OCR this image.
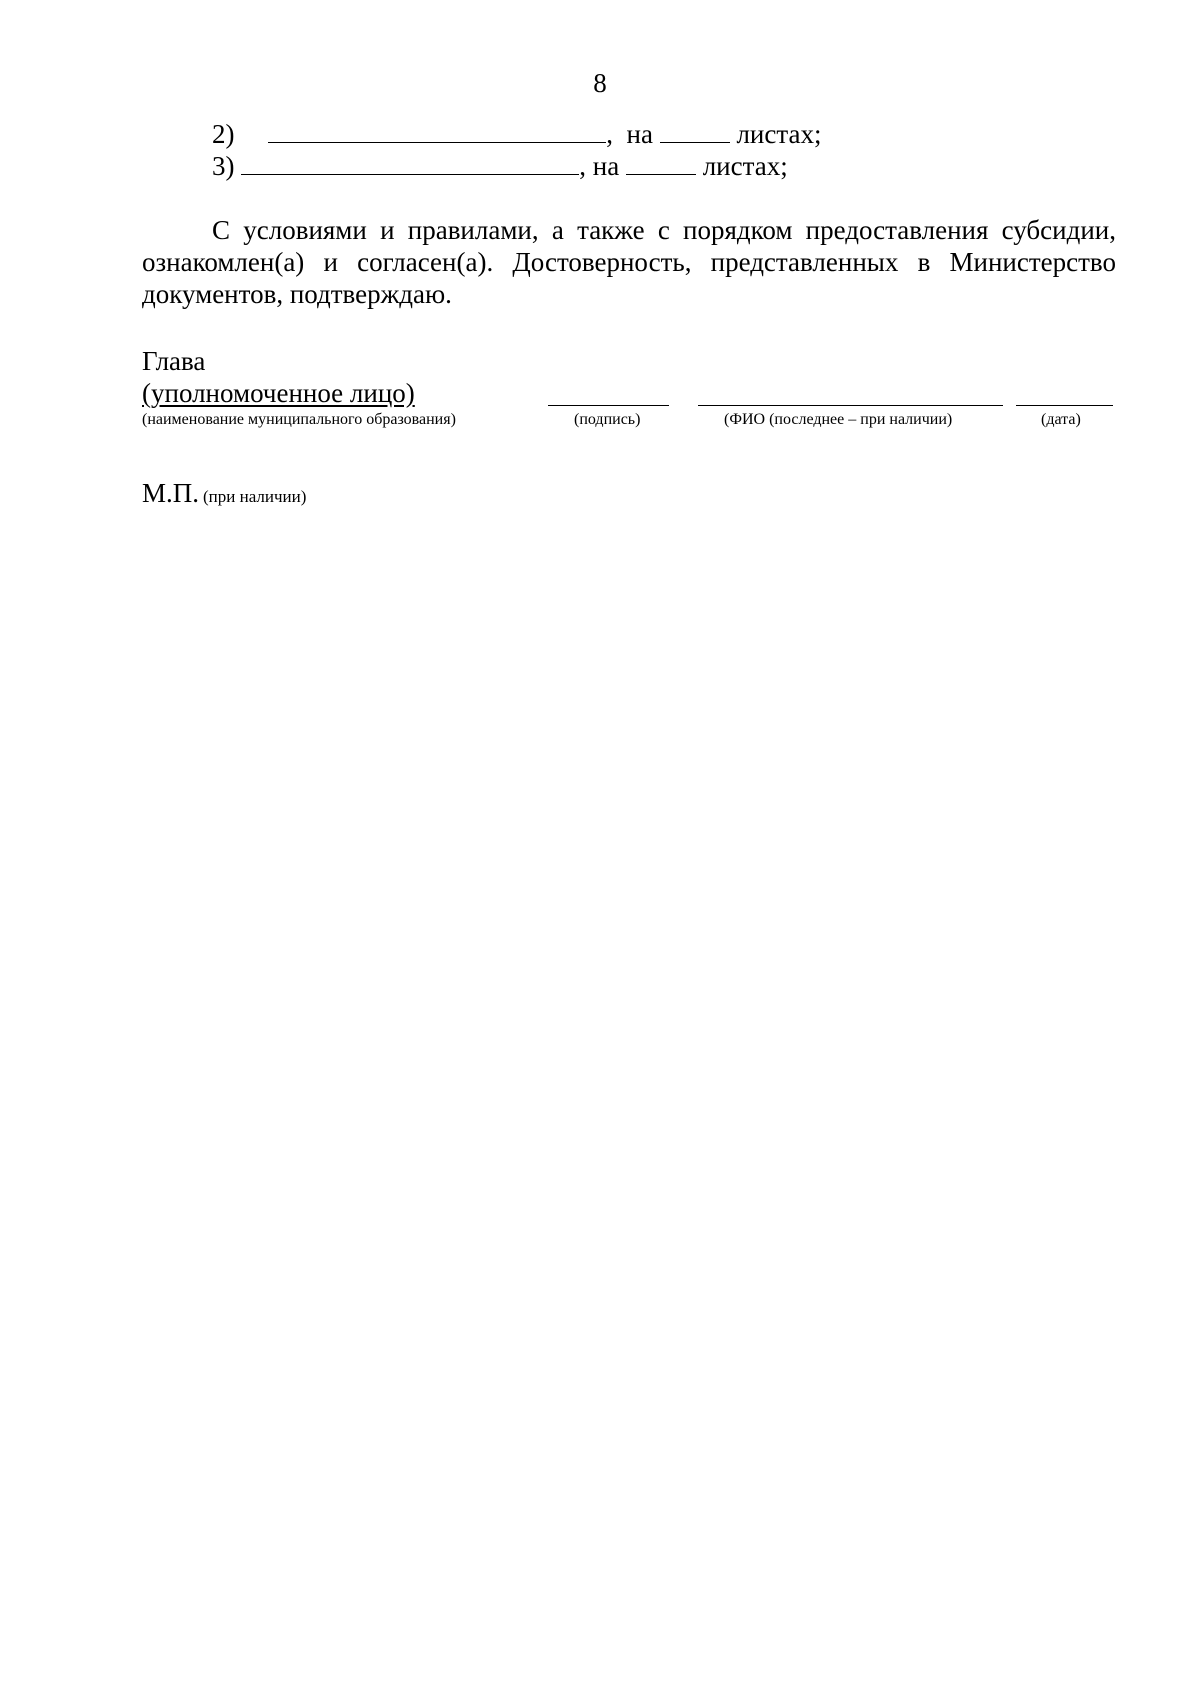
8
2)	,  на	листах;
3)	, на	листах;
С условиями и правилами, а также с порядком предоставления субсидии, ознакомлен(а) и согласен(а). Достоверность, представленных в Министерство документов, подтверждаю.
Глава
(уполномоченное лицо)
(наименование муниципального образования)	(подпись)	(ФИО (последнее – при наличии)	(дата)
М.П. (при наличии)
